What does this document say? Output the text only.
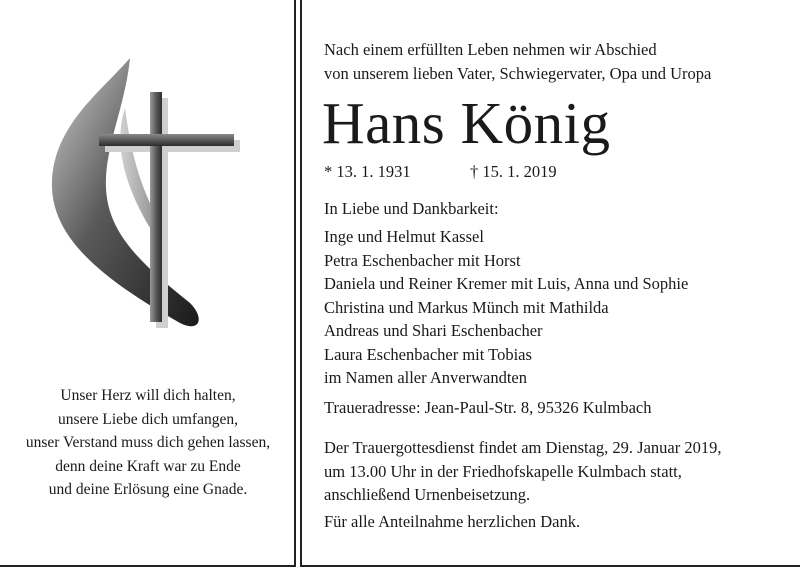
Unser Herz will dich halten,
unsere Liebe dich umfangen,
unser Verstand muss dich gehen lassen,
denn deine Kraft war zu Ende
und deine Erlösung eine Gnade.
Nach einem erfüllten Leben nehmen wir Abschied
von unserem lieben Vater, Schwiegervater, Opa und Uropa
Hans König
* 13. 1. 1931	† 15. 1. 2019
In Liebe und Dankbarkeit:
Inge und Helmut Kassel
Petra Eschenbacher mit Horst
Daniela und Reiner Kremer mit Luis, Anna und Sophie
Christina und Markus Münch mit Mathilda
Andreas und Shari Eschenbacher
Laura Eschenbacher mit Tobias
im Namen aller Anverwandten
Traueradresse: Jean-Paul-Str. 8, 95326 Kulmbach
Der Trauergottesdienst findet am Dienstag, 29. Januar 2019,
um 13.00 Uhr in der Friedhofskapelle Kulmbach statt,
anschließend Urnenbeisetzung.
Für alle Anteilnahme herzlichen Dank.
